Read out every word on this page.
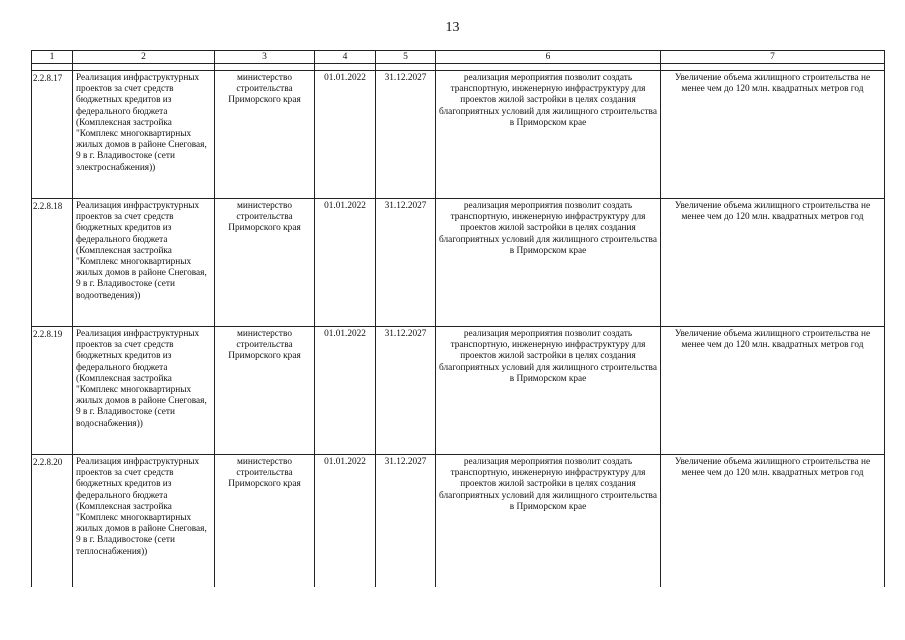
13
1	2	3	4	5	6	7

2.2.8.17	Реализация инфраструктурных проектов за счет средств бюджетных кредитов из федерального бюджета (Комплексная застройка "Комплекс многоквартирных жилых домов в районе Снеговая, 9 в г. Владивостоке (сети электроснабжения))	министерство строительства Приморского края	01.01.2022	31.12.2027	реализация мероприятия позволит создать транспортную, инженерную инфраструктуру для проектов жилой застройки в целях создания благоприятных условий для жилищного строительства в Приморском крае	Увеличение объема жилищного строительства не менее чем до 120 млн. квадратных метров год
2.2.8.18	Реализация инфраструктурных проектов за счет средств бюджетных кредитов из федерального бюджета (Комплексная застройка "Комплекс многоквартирных жилых домов в районе Снеговая, 9 в г. Владивостоке (сети водоотведения))	министерство строительства Приморского края	01.01.2022	31.12.2027	реализация мероприятия позволит создать транспортную, инженерную инфраструктуру для проектов жилой застройки в целях создания благоприятных условий для жилищного строительства в Приморском крае	Увеличение объема жилищного строительства не менее чем до 120 млн. квадратных метров год
2.2.8.19	Реализация инфраструктурных проектов за счет средств бюджетных кредитов из федерального бюджета (Комплексная застройка "Комплекс многоквартирных жилых домов в районе Снеговая, 9 в г. Владивостоке (сети водоснабжения))	министерство строительства Приморского края	01.01.2022	31.12.2027	реализация мероприятия позволит создать транспортную, инженерную инфраструктуру для проектов жилой застройки в целях создания благоприятных условий для жилищного строительства в Приморском крае	Увеличение объема жилищного строительства не менее чем до 120 млн. квадратных метров год
2.2.8.20	Реализация инфраструктурных проектов за счет средств бюджетных кредитов из федерального бюджета (Комплексная застройка "Комплекс многоквартирных жилых домов в районе Снеговая, 9 в г. Владивостоке (сети теплоснабжения))	министерство строительства Приморского края	01.01.2022	31.12.2027	реализация мероприятия позволит создать транспортную, инженерную инфраструктуру для проектов жилой застройки в целях создания благоприятных условий для жилищного строительства в Приморском крае	Увеличение объема жилищного строительства не менее чем до 120 млн. квадратных метров год
